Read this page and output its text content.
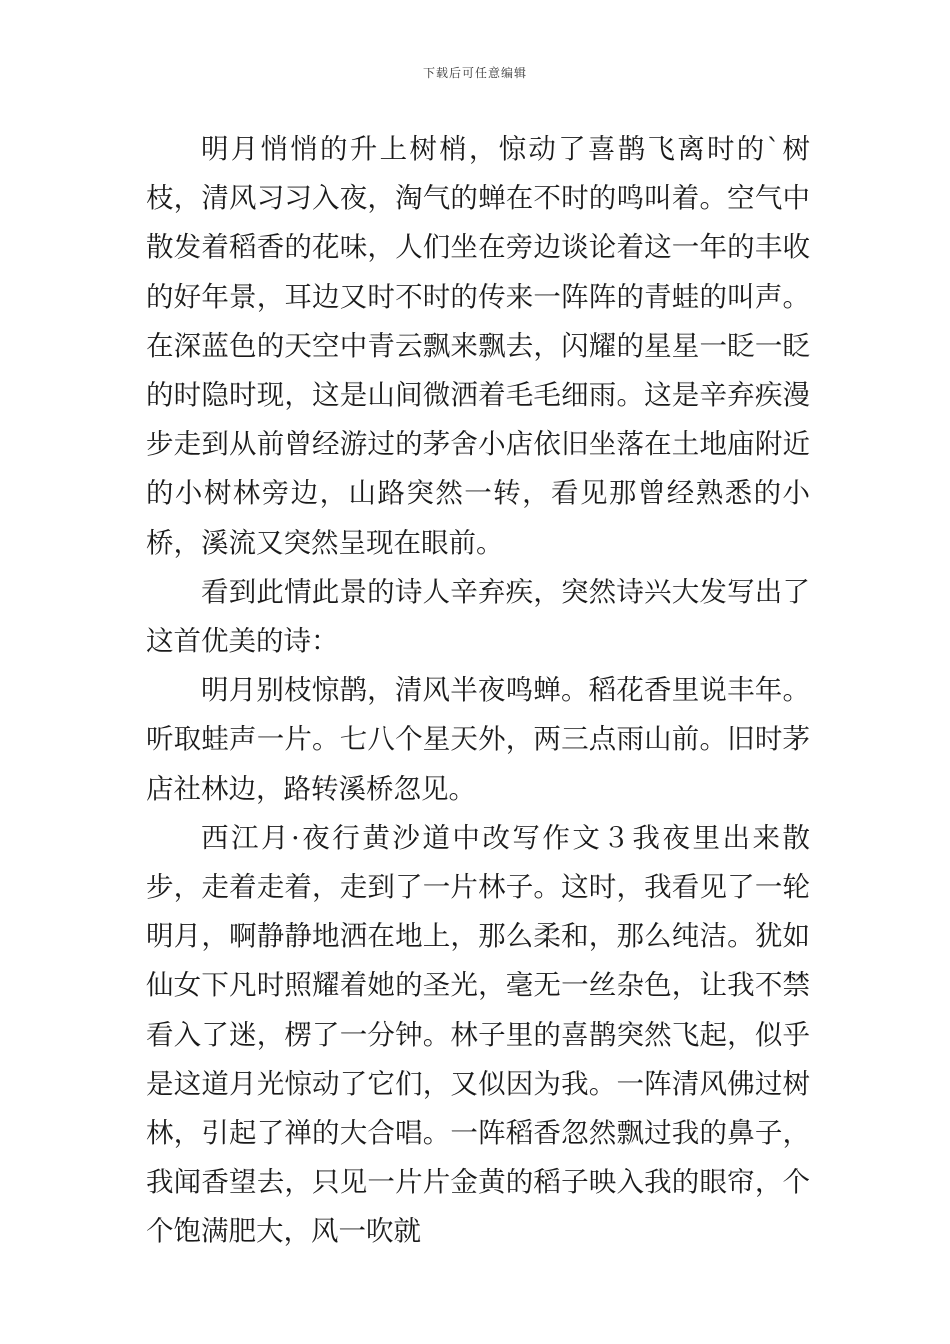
下载后可任意编辑

明月悄悄的升上树梢，惊动了喜鹊飞离时的`树枝，清风习习入夜，淘气的蝉在不时的鸣叫着。空气中散发着稻香的花味，人们坐在旁边谈论着这一年的丰收的好年景，耳边又时不时的传来一阵阵的青蛙的叫声。在深蓝色的天空中青云飘来飘去，闪耀的星星一眨一眨的时隐时现，这是山间微洒着毛毛细雨。这是辛弃疾漫步走到从前曾经游过的茅舍小店依旧坐落在土地庙附近的小树林旁边，山路突然一转，看见那曾经熟悉的小桥，溪流又突然呈现在眼前。

看到此情此景的诗人辛弃疾，突然诗兴大发写出了这首优美的诗：

明月别枝惊鹊，清风半夜鸣蝉。稻花香里说丰年。听取蛙声一片。七八个星天外，两三点雨山前。旧时茅店社林边，路转溪桥忽见。

西江月·夜行黄沙道中改写作文３我夜里出来散步，走着走着，走到了一片林子。这时，我看见了一轮明月，啊静静地洒在地上，那么柔和，那么纯洁。犹如仙女下凡时照耀着她的圣光，毫无一丝杂色，让我不禁看入了迷，楞了一分钟。林子里的喜鹊突然飞起，似乎是这道月光惊动了它们，又似因为我。一阵清风佛过树林，引起了禅的大合唱。一阵稻香忽然飘过我的鼻子，我闻香望去，只见一片片金黄的稻子映入我的眼帘，个个饱满肥大，风一吹就
